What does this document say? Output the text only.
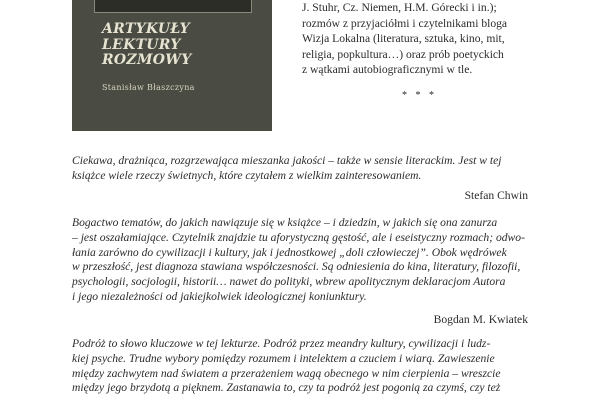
ARTYKUŁY
LEKTURY
ROZMOWY
Stanisław Błaszczyna
J. Stuhr, Cz. Niemen, H.M. Górecki i in.);
rozmów z przyjaciółmi i czytelnikami bloga
Wizja Lokalna (literatura, sztuka, kino, mit,
religia, popkultura…) oraz prób poetyckich
z wątkami autobiograficznymi w tle.
* * *
Ciekawa, drażniąca, rozgrzewająca mieszanka jakości – także w sensie literackim. Jest w tej
książce wiele rzeczy świetnych, które czytałem z wielkim zainteresowaniem.
Stefan Chwin
Bogactwo tematów, do jakich nawiązuje się w książce – i dziedzin, w jakich się ona zanurza
– jest oszałamiające. Czytelnik znajdzie tu aforystyczną gęstość, ale i eseistyczny rozmach; odwo-
łania zarówno do cywilizacji i kultury, jak i jednostkowej „doli człowieczej”. Obok wędrówek
w przeszłość, jest diagnoza stawiana współczesności. Są odniesienia do kina, literatury, filozofii,
psychologii, socjologii, historii… nawet do polityki, wbrew apolitycznym deklaracjom Autora
i jego niezależności od jakiejkolwiek ideologicznej koniunktury.
Bogdan M. Kwiatek
Podróż to słowo kluczowe w tej lekturze. Podróż przez meandry kultury, cywilizacji i ludz-
kiej psyche. Trudne wybory pomiędzy rozumem i intelektem a czuciem i wiarą. Zawieszenie
między zachwytem nad światem a przerażeniem wagą obecnego w nim cierpienia – wreszcie
między jego brzydotą a pięknem. Zastanawia to, czy ta podróż jest pogonią za czymś, czy też
